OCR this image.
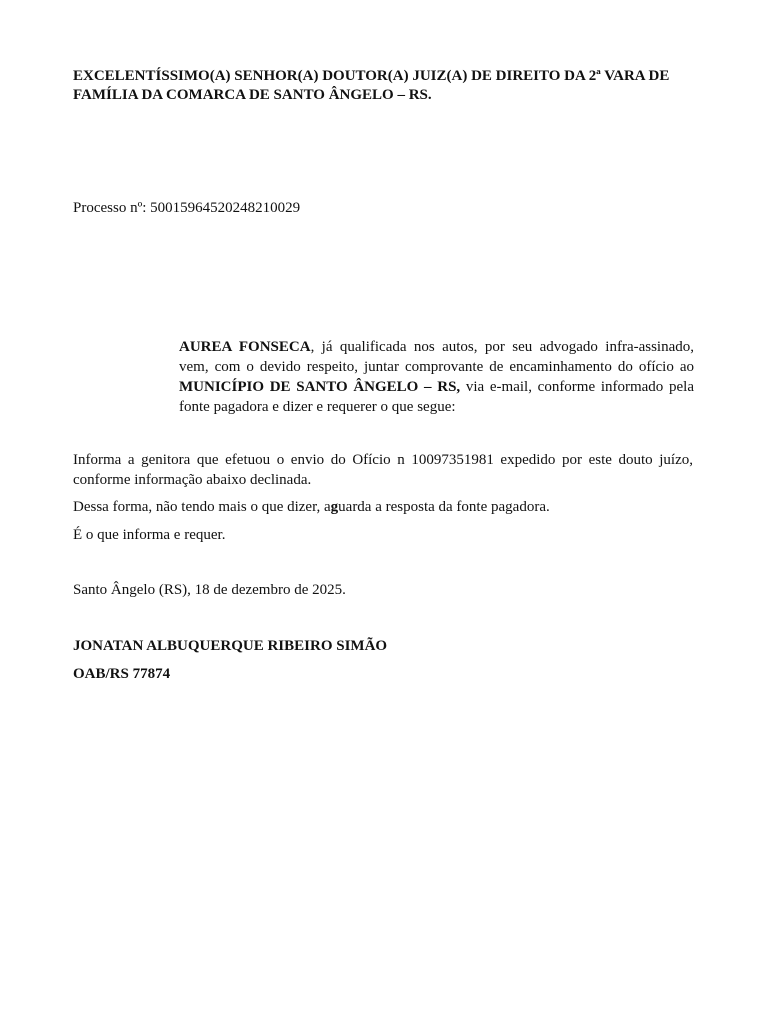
EXCELENTÍSSIMO(A) SENHOR(A) DOUTOR(A) JUIZ(A) DE DIREITO DA 2ª VARA DE
FAMÍLIA DA COMARCA DE SANTO ÂNGELO – RS.

Processo nº: 50015964520248210029

AUREA FONSECA, já qualificada nos autos, por seu advogado infra-assinado, vem, com o devido respeito, juntar comprovante de encaminhamento do ofício ao MUNICÍPIO DE SANTO ÂNGELO – RS, via e-mail, conforme informado pela fonte pagadora e dizer e requerer o que segue:

Informa a genitora que efetuou o envio do Ofício n 10097351981 expedido por este douto juízo, conforme informação abaixo declinada.

Dessa forma, não tendo mais o que dizer, aguarda a resposta da fonte pagadora.

É o que informa e requer.

Santo Ângelo (RS), 18 de dezembro de 2025.

JONATAN ALBUQUERQUE RIBEIRO SIMÃO

OAB/RS 77874
